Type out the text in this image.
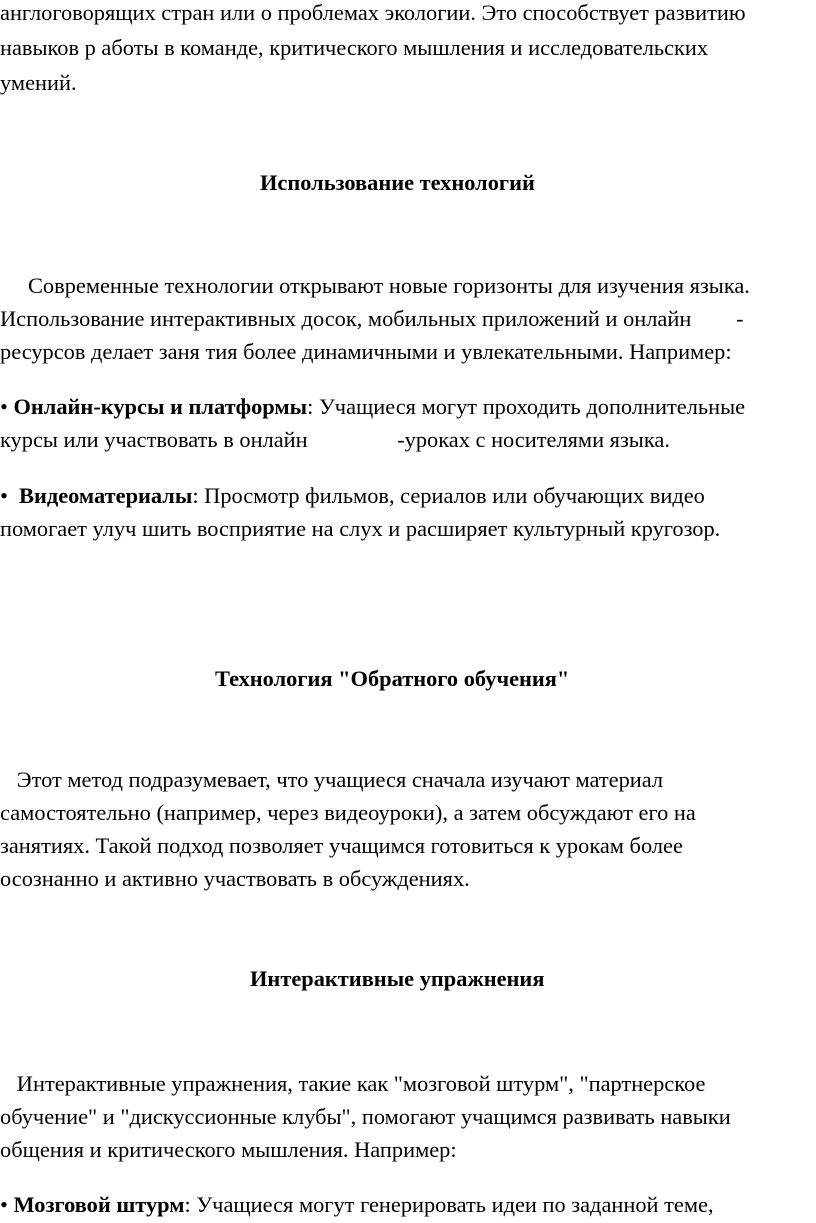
англоговорящих стран или о проблемах экологии. Это способствует развитию
навыков р аботы в команде, критического мышления и исследовательских
умений.
Использование технологий
Современные технологии открывают новые горизонты для изучения языка.
Использование интерактивных досок, мобильных приложений и онлайн        -
ресурсов делает заня тия более динамичными и увлекательными. Например:
• Онлайн-курсы и платформы: Учащиеся могут проходить дополнительные
курсы или участвовать в онлайн                -уроках с носителями языка.
•  Видеоматериалы: Просмотр фильмов, сериалов или обучающих видео
помогает улуч шить восприятие на слух и расширяет культурный кругозор.
Технология "Обратного обучения"
Этот метод подразумевает, что учащиеся сначала изучают материал
самостоятельно (например, через видеоуроки), а затем обсуждают его на
занятиях. Такой подход позволяет учащимся готовиться к урокам более
осознанно и активно участвовать в обсуждениях.
Интерактивные упражнения
Интерактивные упражнения, такие как "мозговой штурм", "партнерское
обучение" и "дискуссионные клубы", помогают учащимся развивать навыки
общения и критического мышления. Например:
• Мозговой штурм: Учащиеся могут генерировать идеи по заданной теме,
